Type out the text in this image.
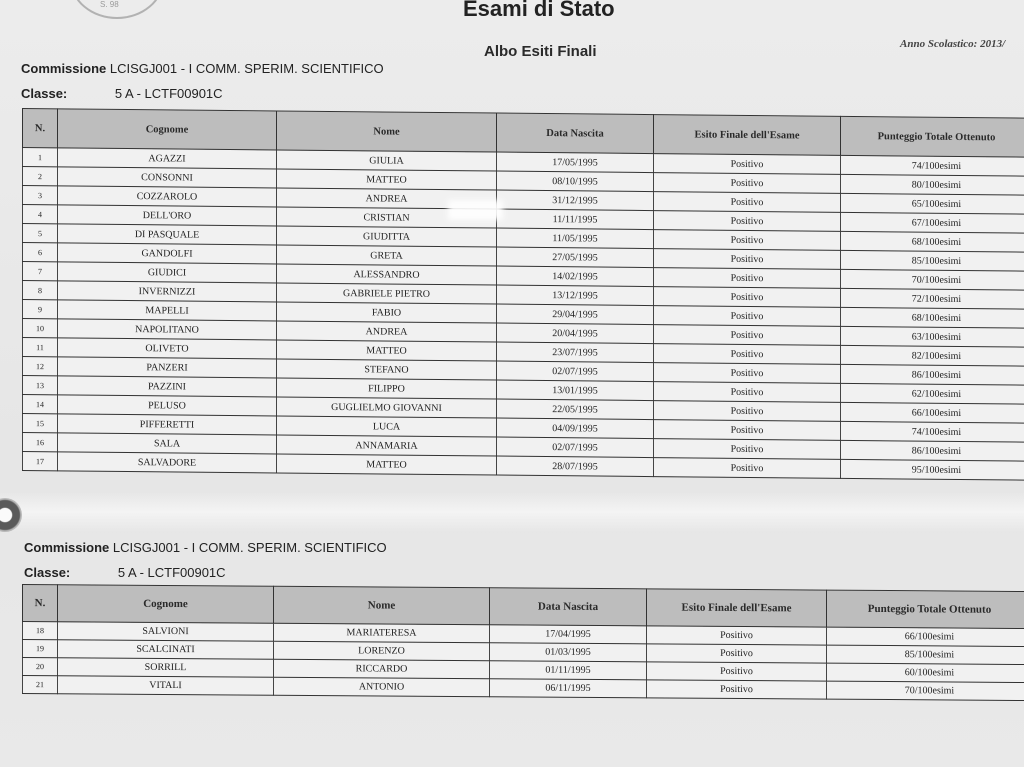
S. 98	Esami di Stato
Albo Esiti Finali	Anno Scolastico: 2013/
Commissione LCISGJ001 - I COMM. SPERIM. SCIENTIFICO
Classe:	5 A - LCTF00901C
N.	Cognome	Nome	Data Nascita	Esito Finale dell'Esame	Punteggio Totale Ottenuto
1	AGAZZI	GIULIA	17/05/1995	Positivo	74/100esimi
2	CONSONNI	MATTEO	08/10/1995	Positivo	80/100esimi
3	COZZAROLO	ANDREA	31/12/1995	Positivo	65/100esimi
4	DELL'ORO	CRISTIAN	11/11/1995	Positivo	67/100esimi
5	DI PASQUALE	GIUDITTA	11/05/1995	Positivo	68/100esimi
6	GANDOLFI	GRETA	27/05/1995	Positivo	85/100esimi
7	GIUDICI	ALESSANDRO	14/02/1995	Positivo	70/100esimi
8	INVERNIZZI	GABRIELE PIETRO	13/12/1995	Positivo	72/100esimi
9	MAPELLI	FABIO	29/04/1995	Positivo	68/100esimi
10	NAPOLITANO	ANDREA	20/04/1995	Positivo	63/100esimi
11	OLIVETO	MATTEO	23/07/1995	Positivo	82/100esimi
12	PANZERI	STEFANO	02/07/1995	Positivo	86/100esimi
13	PAZZINI	FILIPPO	13/01/1995	Positivo	62/100esimi
14	PELUSO	GUGLIELMO GIOVANNI	22/05/1995	Positivo	66/100esimi
15	PIFFERETTI	LUCA	04/09/1995	Positivo	74/100esimi
16	SALA	ANNAMARIA	02/07/1995	Positivo	86/100esimi
17	SALVADORE	MATTEO	28/07/1995	Positivo	95/100esimi
Commissione LCISGJ001 - I COMM. SPERIM. SCIENTIFICO
Classe:	5 A - LCTF00901C
N.	Cognome	Nome	Data Nascita	Esito Finale dell'Esame	Punteggio Totale Ottenuto
18	SALVIONI	MARIATERESA	17/04/1995	Positivo	66/100esimi
19	SCALCINATI	LORENZO	01/03/1995	Positivo	85/100esimi
20	SORRILL	RICCARDO	01/11/1995	Positivo	60/100esimi
21	VITALI	ANTONIO	06/11/1995	Positivo	70/100esimi
